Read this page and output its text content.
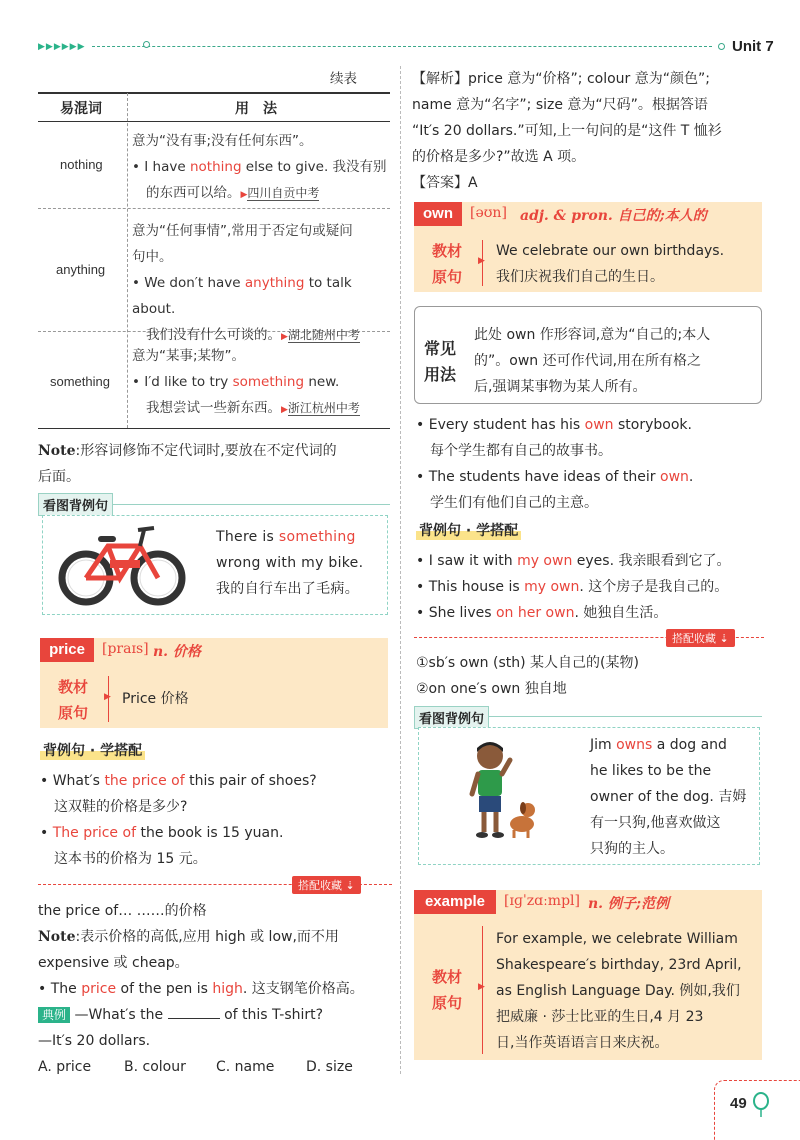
▶▶▶▶▶▶	Unit 7
续表
易混词	用　法
nothing
意为“没有事;没有任何东西”。
• I have nothing else to give. 我没有别
的东西可以给。▶四川自贡中考
anything
意为“任何事情”,常用于否定句或疑问
句中。
• We don′t have anything to talk about.
我们没有什么可谈的。▶湖北随州中考
something
意为“某事;某物”。
• I′d like to try something new.
我想尝试一些新东西。▶浙江杭州中考
Note:形容词修饰不定代词时,要放在不定代词的
后面。
看图背例句
There is something
wrong with my bike.
我的自行车出了毛病。
price	[praɪs] n. 价格
教材
原句
▶ Price 价格
背例句 · 学搭配
• What′s the price of this pair of shoes?
这双鞋的价格是多少?
• The price of the book is 15 yuan.
这本书的价格为 15 元。
搭配收藏 ⇣
the price of… ……的价格
Note:表示价格的高低,应用 high 或 low,而不用
expensive 或 cheap。
• The price of the pen is high. 这支钢笔价格高。
典例 —What′s the	of this T-shirt?
—It′s 20 dollars.
A. price B. colour C. name D. size
【解析】price 意为“价格”; colour 意为“颜色”;
name 意为“名字”; size 意为“尺码”。根据答语
“It′s 20 dollars.”可知,上一句问的是“这件 T 恤衫
的价格是多少?”故选 A 项。
【答案】A
own	[əʊn] adj. & pron. 自己的;本人的
教材
原句
▶
We celebrate our own birthdays.
我们庆祝我们自己的生日。
常见
用法
此处 own 作形容词,意为“自己的;本人
的”。own 还可作代词,用在所有格之
后,强调某事物为某人所有。
• Every student has his own storybook.
每个学生都有自己的故事书。
• The students have ideas of their own.
学生们有他们自己的主意。
背例句 · 学搭配
• I saw it with my own eyes. 我亲眼看到它了。
• This house is my own. 这个房子是我自己的。
• She lives on her own. 她独自生活。
搭配收藏 ⇣
①sb′s own (sth) 某人自己的(某物)
②on one′s own 独自地
看图背例句
Jim owns a dog and
he likes to be the
owner of the dog. 吉姆
有一只狗,他喜欢做这
只狗的主人。
example	[ɪɡˈzɑːmpl] n. 例子;范例
教材
原句
▶
For example, we celebrate William
Shakespeare′s birthday, 23rd April,
as English Language Day. 例如,我们
把威廉 · 莎士比亚的生日,4 月 23
日,当作英语语言日来庆祝。
49
